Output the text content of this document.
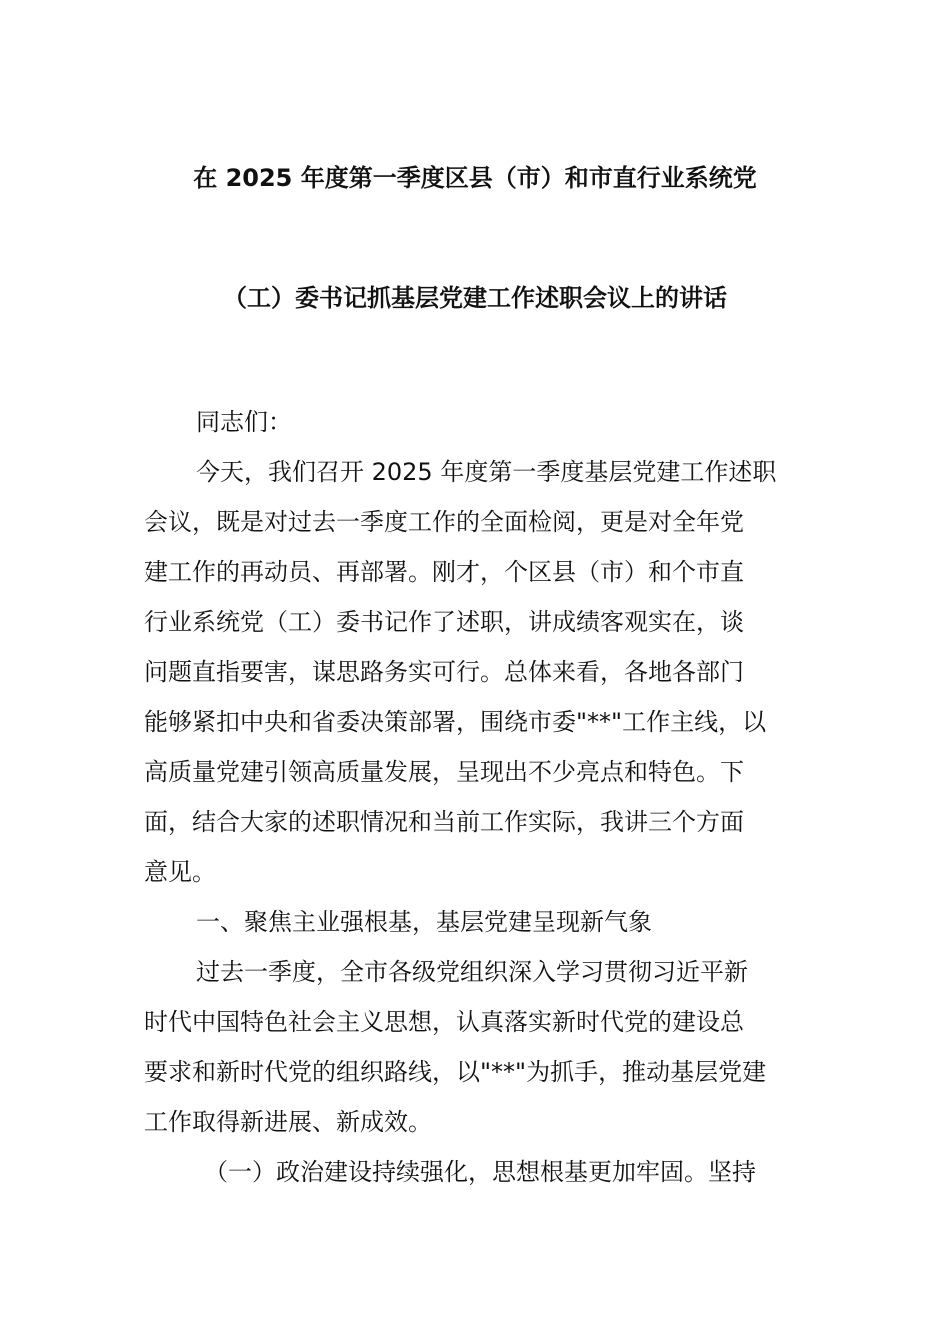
在 2025 年度第一季度区县（市）和市直行业系统党
（工）委书记抓基层党建工作述职会议上的讲话
同志们：
今天，我们召开 2025 年度第一季度基层党建工作述职
会议，既是对过去一季度工作的全面检阅，更是对全年党
建工作的再动员、再部署。刚才，个区县（市）和个市直
行业系统党（工）委书记作了述职，讲成绩客观实在，谈
问题直指要害，谋思路务实可行。总体来看，各地各部门
能够紧扣中央和省委决策部署，围绕市委"**"工作主线，以
高质量党建引领高质量发展，呈现出不少亮点和特色。下
面，结合大家的述职情况和当前工作实际，我讲三个方面
意见。
一、聚焦主业强根基，基层党建呈现新气象
过去一季度，全市各级党组织深入学习贯彻习近平新
时代中国特色社会主义思想，认真落实新时代党的建设总
要求和新时代党的组织路线，以"**"为抓手，推动基层党建
工作取得新进展、新成效。
（一）政治建设持续强化，思想根基更加牢固。坚持
